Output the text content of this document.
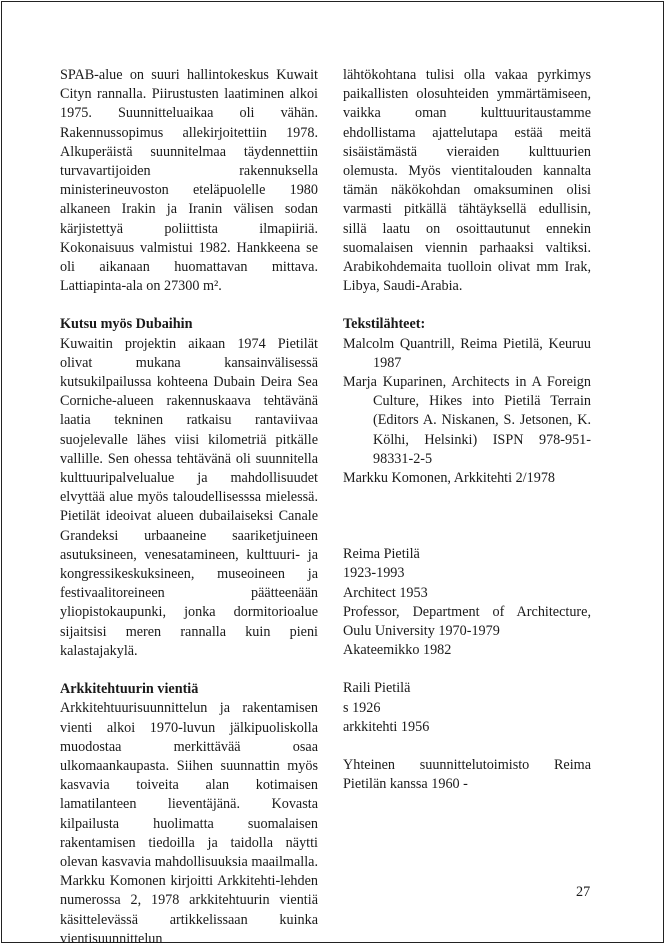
SPAB-alue on suuri hallintokeskus Kuwait Cityn rannalla. Piirustusten laatiminen alkoi 1975. Suunnitteluaikaa oli vähän. Rakennussopimus allekirjoitettiin 1978. Alkuperäistä suunnitelmaa täydennettiin turvavartijoiden rakennuksella ministerineuvoston eteläpuolelle 1980 alkaneen Irakin ja Iranin välisen sodan kärjistettyä poliittista ilmapiiriä. Kokonaisuus valmistui 1982. Hankkeena se oli aikanaan huomattavan mittava. Lattiapinta-ala on 27300 m².

Kutsu myös Dubaihin

Kuwaitin projektin aikaan 1974 Pietilät olivat mukana kansainvälisessä kutsukilpailussa kohteena Dubain Deira Sea Corniche-alueen rakennuskaava tehtävänä laatia tekninen ratkaisu rantaviivaa suojelevalle lähes viisi kilometriä pitkälle vallille. Sen ohessa tehtävänä oli suunnitella kulttuuripalvelualue ja mahdollisuudet elvyttää alue myös taloudellisesssa mielessä. Pietilät ideoivat alueen dubailaiseksi Canale Grandeksi urbaaneine saariketjuineen asutuksineen, venesatamineen, kulttuuri- ja kongressikeskuksineen, museoineen ja festivaalitoreineen päätteenään yliopistokaupunki, jonka dormitorioalue sijaitsisi meren rannalla kuin pieni kalastajakylä.

Arkkitehtuurin vientiä

Arkkitehtuurisuunnittelun ja rakentamisen vienti alkoi 1970-luvun jälkipuoliskolla muodostaa merkittävää osaa ulkomaankaupasta. Siihen suunnattin myös kasvavia toiveita alan kotimaisen lamatilanteen lieventäjänä. Kovasta kilpailusta huolimatta suomalaisen rakentamisen tiedoilla ja taidolla näytti olevan kasvavia mahdollisuuksia maailmalla. Markku Komonen kirjoitti Arkkitehti-lehden numerossa 2, 1978 arkkitehtuurin vientiä käsittelevässä artikkelissaan kuinka vientisuunnittelun

lähtökohtana tulisi olla vakaa pyrkimys paikallisten olosuhteiden ymmärtämiseen, vaikka oman kulttuuritaustamme ehdollistama ajattelutapa estää meitä sisäistämästä vieraiden kulttuurien olemusta. Myös vientitalouden kannalta tämän näkökohdan omaksuminen olisi varmasti pitkällä tähtäyksellä edullisin, sillä laatu on osoittautunut ennekin suomalaisen viennin parhaaksi valtiksi. Arabikohdemaita tuolloin olivat mm Irak, Libya, Saudi-Arabia.

Tekstilähteet:

Malcolm Quantrill, Reima Pietilä, Keuruu 1987

Marja Kuparinen, Architects in A Foreign Culture, Hikes into Pietilä Terrain (Editors A. Niskanen, S. Jetsonen, K. Kölhi, Helsinki) ISPN 978-951-98331-2-5

Markku Komonen, Arkkitehti 2/1978

Reima Pietilä

1923-1993

Architect 1953

Professor, Department of Architecture, Oulu University 1970-1979

Akateemikko 1982

Raili Pietilä

s 1926

arkkitehti 1956

Yhteinen suunnittelutoimisto Reima Pietilän kanssa 1960 -

27
